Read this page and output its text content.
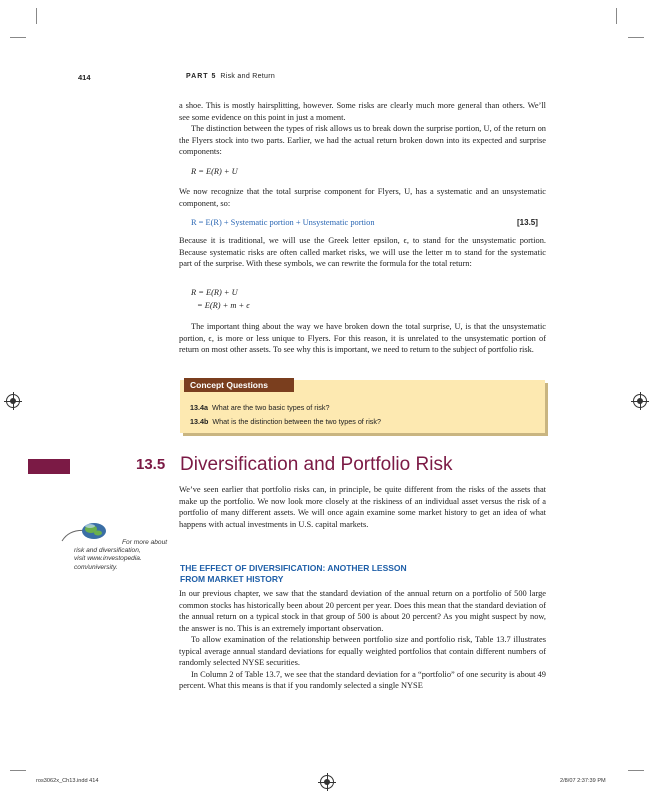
414	PART 5 Risk and Return

a shoe. This is mostly hairsplitting, however. Some risks are clearly much more general than others. We’ll see some evidence on this point in just a moment.

The distinction between the types of risk allows us to break down the surprise portion, U, of the return on the Flyers stock into two parts. Earlier, we had the actual return broken down into its expected and surprise components:

R = E(R) + U

We now recognize that the total surprise component for Flyers, U, has a systematic and an unsystematic component, so:

R = E(R) + Systematic portion + Unsystematic portion	[13.5]

Because it is traditional, we will use the Greek letter epsilon, ϵ, to stand for the unsystematic portion. Because systematic risks are often called market risks, we will use the letter m to stand for the systematic part of the surprise. With these symbols, we can rewrite the formula for the total return:

R = E(R) + U
= E(R) + m + ϵ

The important thing about the way we have broken down the total surprise, U, is that the unsystematic portion, ϵ, is more or less unique to Flyers. For this reason, it is unrelated to the unsystematic portion of return on most other assets. To see why this is important, we need to return to the subject of portfolio risk.

Concept Questions
13.4a What are the two basic types of risk?
13.4b What is the distinction between the two types of risk?
13.5 Diversification and Portfolio Risk

We’ve seen earlier that portfolio risks can, in principle, be quite different from the risks of the assets that make up the portfolio. We now look more closely at the riskiness of an individual asset versus the risk of a portfolio of many different assets. We will once again examine some market history to get an idea of what happens with actual investments in U.S. capital markets.

For more about
risk and diversification,
visit www.investopedia.
com/university.	THE EFFECT OF DIVERSIFICATION: ANOTHER LESSON
FROM MARKET HISTORY

In our previous chapter, we saw that the standard deviation of the annual return on a portfolio of 500 large common stocks has historically been about 20 percent per year. Does this mean that the standard deviation of the annual return on a typical stock in that group of 500 is about 20 percent? As you might suspect by now, the answer is no. This is an extremely important observation.

To allow examination of the relationship between portfolio size and portfolio risk, Table 13.7 illustrates typical average annual standard deviations for equally weighted portfolios that contain different numbers of randomly selected NYSE securities.

In Column 2 of Table 13.7, we see that the standard deviation for a “portfolio” of one security is about 49 percent. What this means is that if you randomly selected a single NYSE

ros3062x_Ch13.indd 414	2/8/07 2:37:39 PM
